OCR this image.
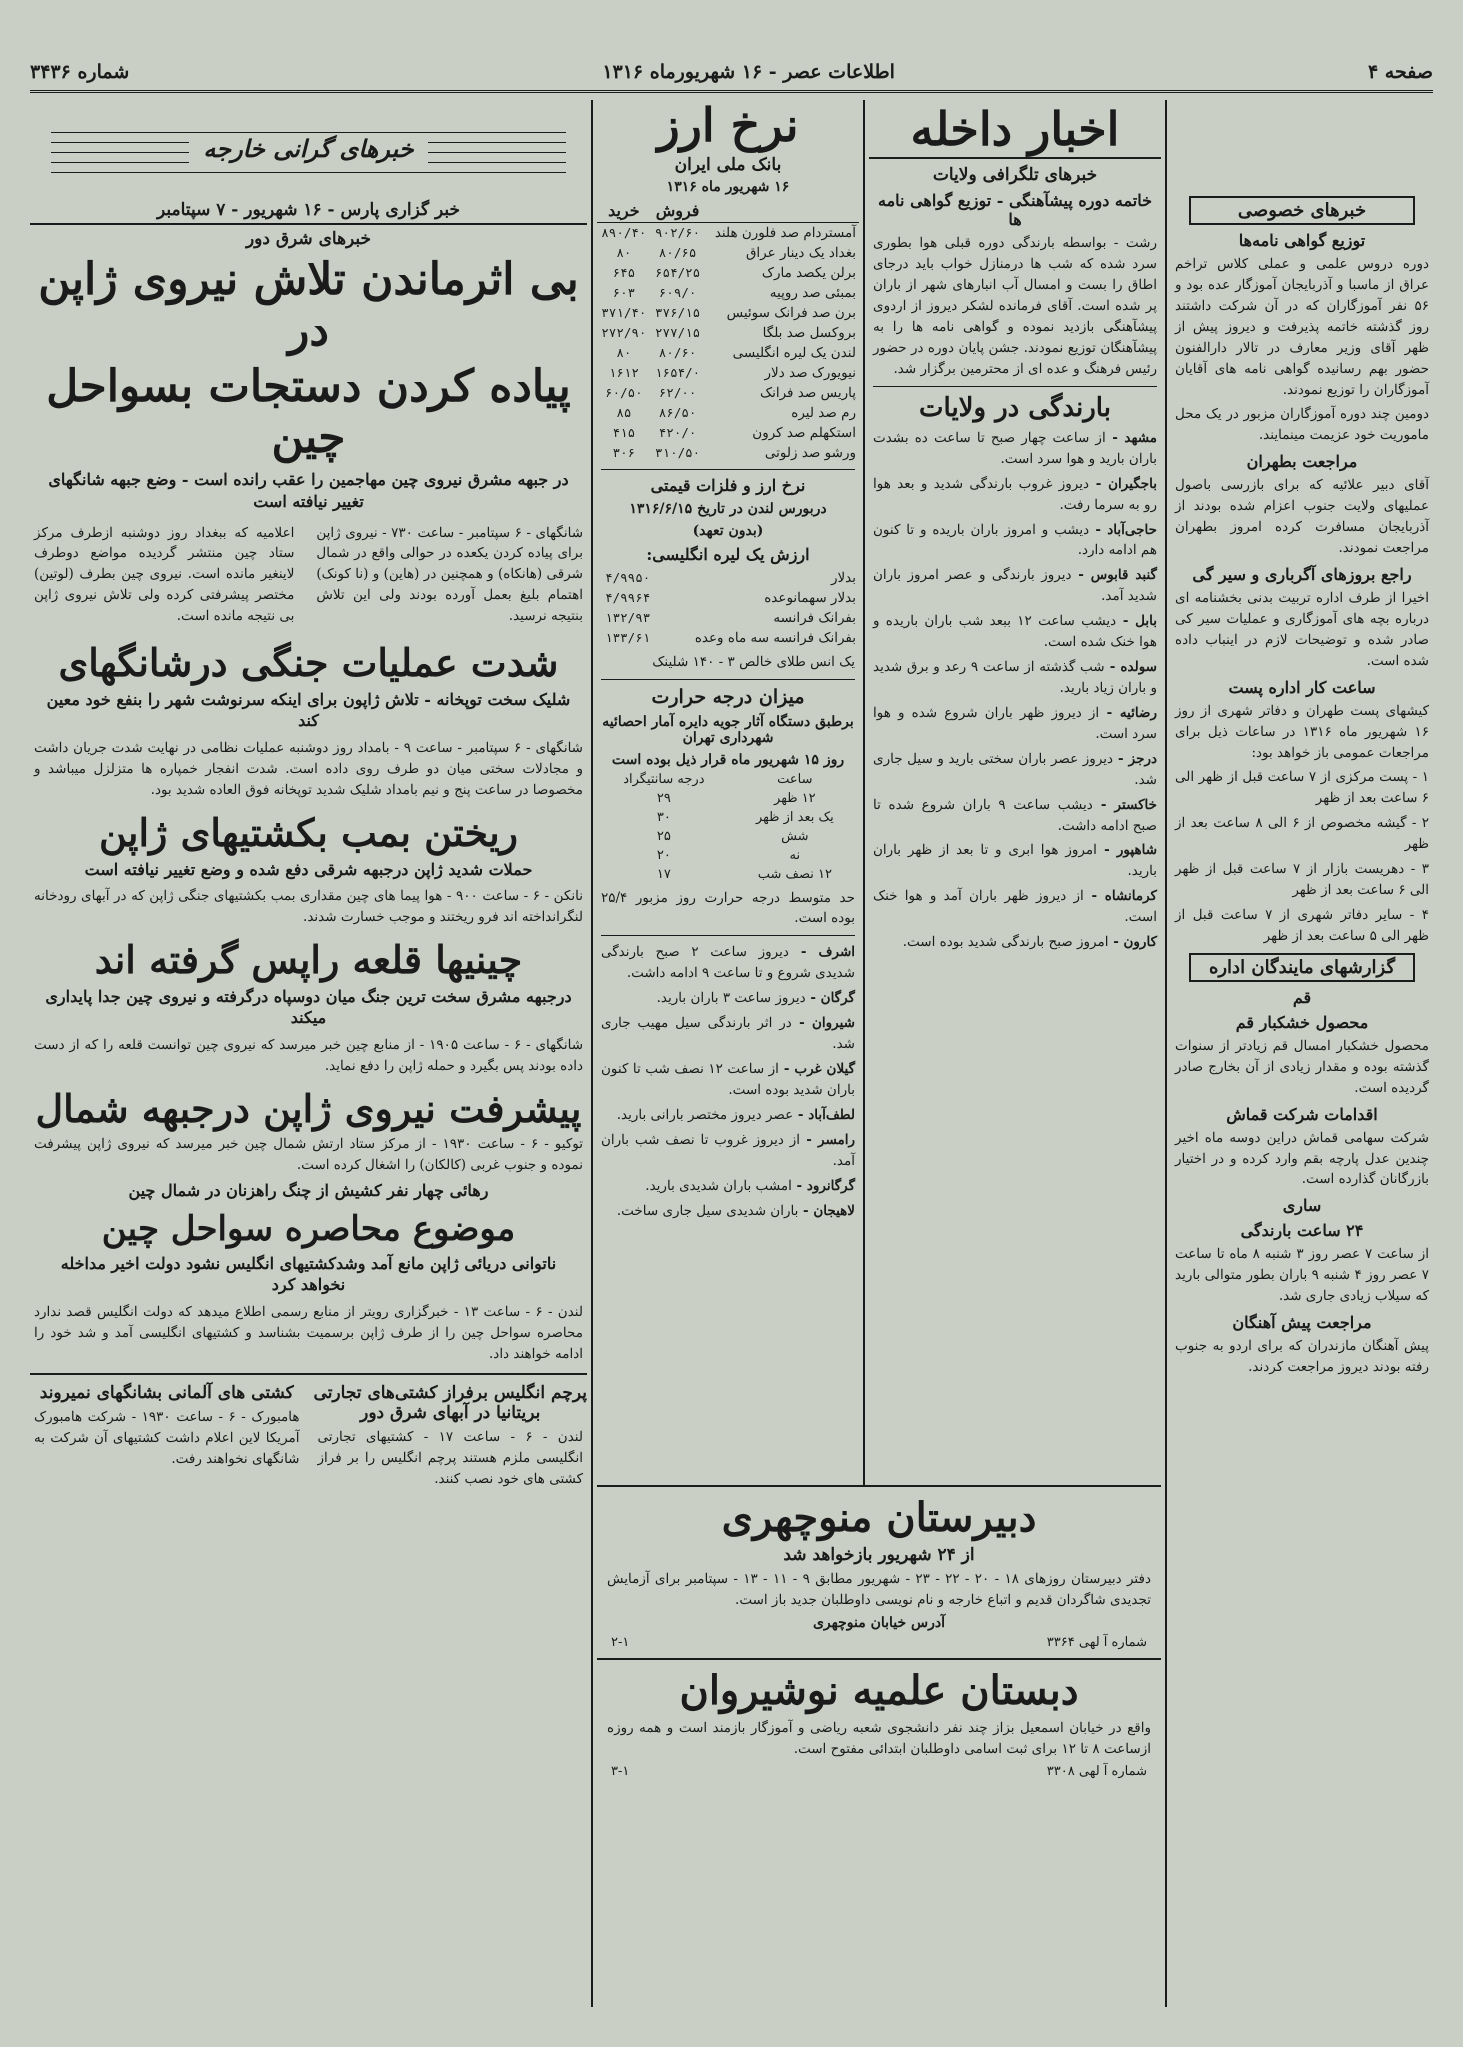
صفحه ۴
اطلاعات عصر - ۱۶ شهریورماه ۱۳۱۶
شماره ۳۴۳۶
خبرهای خصوصی
توزیع گواهی نامه‌ها

دوره دروس علمی و عملی کلاس تراخم عراق از ماسبا و آذربایجان آموزگار عده بود و ۵۶ نفر آموزگاران که در آن شرکت داشتند روز گذشته خاتمه پذیرفت و دیروز پیش از ظهر آقای وزیر معارف در تالار دارالفنون حضور بهم رسانیده گواهی نامه های آقایان آموزگاران را توزیع نمودند.

دومین چند دوره آموزگاران مزبور در یک محل ماموریت خود عزیمت مینمایند.

مراجعت بطهران

آقای دبیر علائیه که برای بازرسی باصول عملیهای ولایت جنوب اعزام شده بودند از آذربایجان مسافرت کرده امروز بطهران مراجعت نمودند.

راجع بروزهای آگرباری و سیر گی

اخیرا از طرف اداره تربیت بدنی بخشنامه ای درباره بچه های آموزگاری و عملیات سیر کی صادر شده و توضیحات لازم در اینباب داده شده است.

ساعت کار اداره پست

کیشهای پست طهران و دفاتر شهری از روز ۱۶ شهریور ماه ۱۳۱۶ در ساعات ذیل برای مراجعات عمومی باز خواهد بود:

۱ - پست مرکزی از ۷ ساعت قبل از ظهر الی ۶ ساعت بعد از ظهر

۲ - گیشه مخصوص از ۶ الی ۸ ساعت بعد از ظهر

۳ - دهریست بازار از ۷ ساعت قبل از ظهر الی ۶ ساعت بعد از ظهر

۴ - سایر دفاتر شهری از ۷ ساعت قبل از ظهر الی ۵ ساعت بعد از ظهر

گزارشهای مایندگان اداره
قم
محصول خشکبار قم

محصول خشکبار امسال قم زیادتر از سنوات گذشته بوده و مقدار زیادی از آن بخارج صادر گردیده است.

اقدامات شرکت قماش

شرکت سهامی قماش دراین دوسه ماه اخیر چندین عدل پارچه بقم وارد کرده و در اختیار بازرگانان گذارده است.

ساری
۲۴ ساعت بارندگی

از ساعت ۷ عصر روز ۳ شنبه ۸ ماه تا ساعت ۷ عصر روز ۴ شنبه ۹ باران بطور متوالی بارید که سیلاب زیادی جاری شد.

مراجعت پیش آهنگان

پیش آهنگان مازندران که برای اردو به جنوب رفته بودند دیروز مراجعت کردند.

اخبار داخله
خبرهای تلگرافی ولایات
خاتمه دوره پیشآهنگی - توزیع گواهی نامه ها

رشت - بواسطه بارندگی دوره قبلی هوا بطوری سرد شده که شب ها درمنازل خواب باید درجای اطاق را بست و امسال آب انبارهای شهر از باران پر شده است. آقای فرمانده لشکر دیروز از اردوی پیشآهنگی بازدید نموده و گواهی نامه ها را به پیشآهنگان توزیع نمودند. جشن پایان دوره در حضور رئیس فرهنگ و عده ای از محترمین برگزار شد.

بارندگی در ولایات

مشهد - از ساعت چهار صبح تا ساعت ده بشدت باران بارید و هوا سرد است.

باجگیران - دیروز غروب بارندگی شدید و بعد هوا رو به سرما رفت.

حاجی‌آباد - دیشب و امروز باران باریده و تا کنون هم ادامه دارد.

گنبد قابوس - دیروز بارندگی و عصر امروز باران شدید آمد.

بابل - دیشب ساعت ۱۲ ببعد شب باران باریده و هوا خنک شده است.

سولده - شب گذشته از ساعت ۹ رعد و برق شدید و باران زیاد بارید.

رضائیه - از دیروز ظهر باران شروع شده و هوا سرد است.

درجز - دیروز عصر باران سختی بارید و سیل جاری شد.

خاکستر - دیشب ساعت ۹ باران شروع شده تا صبح ادامه داشت.

شاهپور - امروز هوا ابری و تا بعد از ظهر باران بارید.

کرمانشاه - از دیروز ظهر باران آمد و هوا خنک است.

کارون - امروز صبح بارندگی شدید بوده است.

نرخ ارز
بانک ملی ایران
۱۶ شهریور ماه ۱۳۱۶
	فروش	خرید
آمستردام صد فلورن هلند	۹۰۲/۶۰	۸۹۰/۴۰
بغداد یک دینار عراق	۸۰/۶۵	۸۰
برلن یکصد مارک	۶۵۴/۲۵	۶۴۵
بمبئی صد روپیه	۶۰۹/۰	۶۰۳
برن صد فرانک سوئیس	۳۷۶/۱۵	۳۷۱/۴۰
بروکسل صد بلگا	۲۷۷/۱۵	۲۷۲/۹۰
لندن یک لیره انگلیسی	۸۰/۶۰	۸۰
نیویورک صد دلار	۱۶۵۴/۰	۱۶۱۲
پاریس صد فرانک	۶۲/۰۰	۶۰/۵۰
رم صد لیره	۸۶/۵۰	۸۵
استکهلم صد کرون	۴۲۰/۰	۴۱۵
ورشو صد زلوتی	۳۱۰/۵۰	۳۰۶
نرخ ارز و فلزات قیمتی
دربورس لندن در تاریخ ۱۳۱۶/۶/۱۵
(بدون تعهد)
ارزش یک لیره انگلیسی:
بدلار	۴/۹۹۵۰
بدلار سهمانوعده	۴/۹۹۶۴
بفرانک فرانسه	۱۳۲/۹۳
بفرانک فرانسه سه ماه وعده	۱۳۳/۶۱

یک انس طلای خالص ۳ - ۱۴۰ شلینک

میزان درجه حرارت
برطبق دستگاه آثار جویه دایره آمار احصائیه شهرداری تهران
روز ۱۵ شهریور ماه قرار ذیل بوده است
ساعت	درجه سانتیگراد
۱۲ ظهر	۲۹
یک بعد از ظهر	۳۰
شش	۲۵
نه	۲۰
۱۲ نصف شب	۱۷

حد متوسط درجه حرارت روز مزبور ۲۵/۴ بوده است.

اشرف - دیروز ساعت ۲ صبح بارندگی شدیدی شروع و تا ساعت ۹ ادامه داشت.

گرگان - دیروز ساعت ۳ باران بارید.

شیروان - در اثر بارندگی سیل مهیب جاری شد.

گیلان غرب - از ساعت ۱۲ نصف شب تا کنون باران شدید بوده است.

لطف‌آباد - عصر دیروز مختصر بارانی بارید.

رامسر - از دیروز غروب تا نصف شب باران آمد.

گرگانرود - امشب باران شدیدی بارید.

لاهیجان - باران شدیدی سیل جاری ساخت.

دبیرستان منوچهری
از ۲۴ شهریور بازخواهد شد

دفتر دبیرستان روزهای ۱۸ - ۲۰ - ۲۲ - ۲۳ - شهریور مطابق ۹ - ۱۱ - ۱۳ - سپتامبر برای آزمایش تجدیدی شاگردان قدیم و اتباع خارجه و نام نویسی داوطلبان جدید باز است.

آدرس خیابان منوچهری
شماره آ لهی ۳۳۶۴
۲-۱
دبستان علمیه نوشیروان

واقع در خیابان اسمعیل بزاز چند نفر دانشجوی شعبه ریاضی و آموزگار بازمند است و همه روزه ازساعت ۸ تا ۱۲ برای ثبت اسامی داوطلبان ابتدائی مفتوح است.

شماره آ لهی ۳۳۰۸
۳-۱
خبرهای گرانی خارجه
خبر گزاری پارس - ۱۶ شهریور - ۷ سپتامبر
خبرهای شرق دور
بی اثرماندن تلاش نیروی ژاپن در
پیاده کردن دستجات بسواحل چین
در جبهه مشرق نیروی چین مهاجمین را عقب رانده است - وضع جبهه شانگهای تغییر نیافته است

شانگهای - ۶ سپتامبر - ساعت ۷۳۰ - نیروی ژاپن برای پیاده کردن یکعده در حوالی واقع در شمال شرقی (هانکاه) و همچنین در (هاین) و (نا کونک) اهتمام بلیغ بعمل آورده بودند ولی این تلاش بنتیجه نرسید.

اعلامیه که ببغداد روز دوشنبه ازطرف مرکز ستاد چین منتشر گردیده مواضع دوطرف لاینغیر مانده است. نیروی چین بطرف (لوتین) مختصر پیشرفتی کرده ولی تلاش نیروی ژاپن بی نتیجه مانده است.

شدت عملیات جنگی درشانگهای
شلیک سخت توپخانه - تلاش ژاپون برای اینکه سرنوشت شهر را بنفع خود معین کند

شانگهای - ۶ سپتامبر - ساعت ۹ - بامداد روز دوشنبه عملیات نظامی در نهایت شدت جریان داشت و مجادلات سختی میان دو طرف روی داده است. شدت انفجار خمپاره ها متزلزل میباشد و مخصوصا در ساعت پنج و نیم بامداد شلیک شدید توپخانه فوق العاده شدید بود.

ریختن بمب بکشتیهای ژاپن
حملات شدید ژاپن درجبهه شرقی دفع شده و وضع تغییر نیافته است

نانکن - ۶ - ساعت ۹۰۰ - هوا پیما های چین مقداری بمب بکشتیهای جنگی ژاپن که در آبهای رودخانه لنگرانداخته اند فرو ریختند و موجب خسارت شدند.

چینیها قلعه راپس گرفته اند
درجبهه مشرق سخت ترین جنگ میان دوسپاه درگرفته و نیروی چین جدا پایداری میکند

شانگهای - ۶ - ساعت ۱۹۰۵ - از منابع چین خبر میرسد که نیروی چین توانست قلعه را که از دست داده بودند پس بگیرد و حمله ژاپن را دفع نماید.

پیشرفت نیروی ژاپن درجبهه شمال

توکیو - ۶ - ساعت ۱۹۳۰ - از مرکز ستاد ارتش شمال چین خبر میرسد که نیروی ژاپن پیشرفت نموده و جنوب غربی (کالکان) را اشغال کرده است.

رهائی چهار نفر کشیش از چنگ راهزنان در شمال چین
موضوع محاصره سواحل چین
ناتوانی دریائی ژاپن مانع آمد وشدکشتیهای انگلیس نشود دولت اخیر مداخله نخواهد کرد

لندن - ۶ - ساعت ۱۳ - خبرگزاری رویتر از منابع رسمی اطلاع میدهد که دولت انگلیس قصد ندارد محاصره سواحل چین را از طرف ژاپن برسمیت بشناسد و کشتیهای انگلیسی آمد و شد خود را ادامه خواهند داد.

پرچم انگلیس برفراز کشتی‌های تجارتی بریتانیا در آبهای شرق دور

لندن - ۶ - ساعت ۱۷ - کشتیهای تجارتی انگلیسی ملزم هستند پرچم انگلیس را بر فراز کشتی های خود نصب کنند.

کشتی های آلمانی بشانگهای نمیروند

هامبورک - ۶ - ساعت ۱۹۳۰ - شرکت هامبورک آمریکا لاین اعلام داشت کشتیهای آن شرکت به شانگهای نخواهند رفت.
